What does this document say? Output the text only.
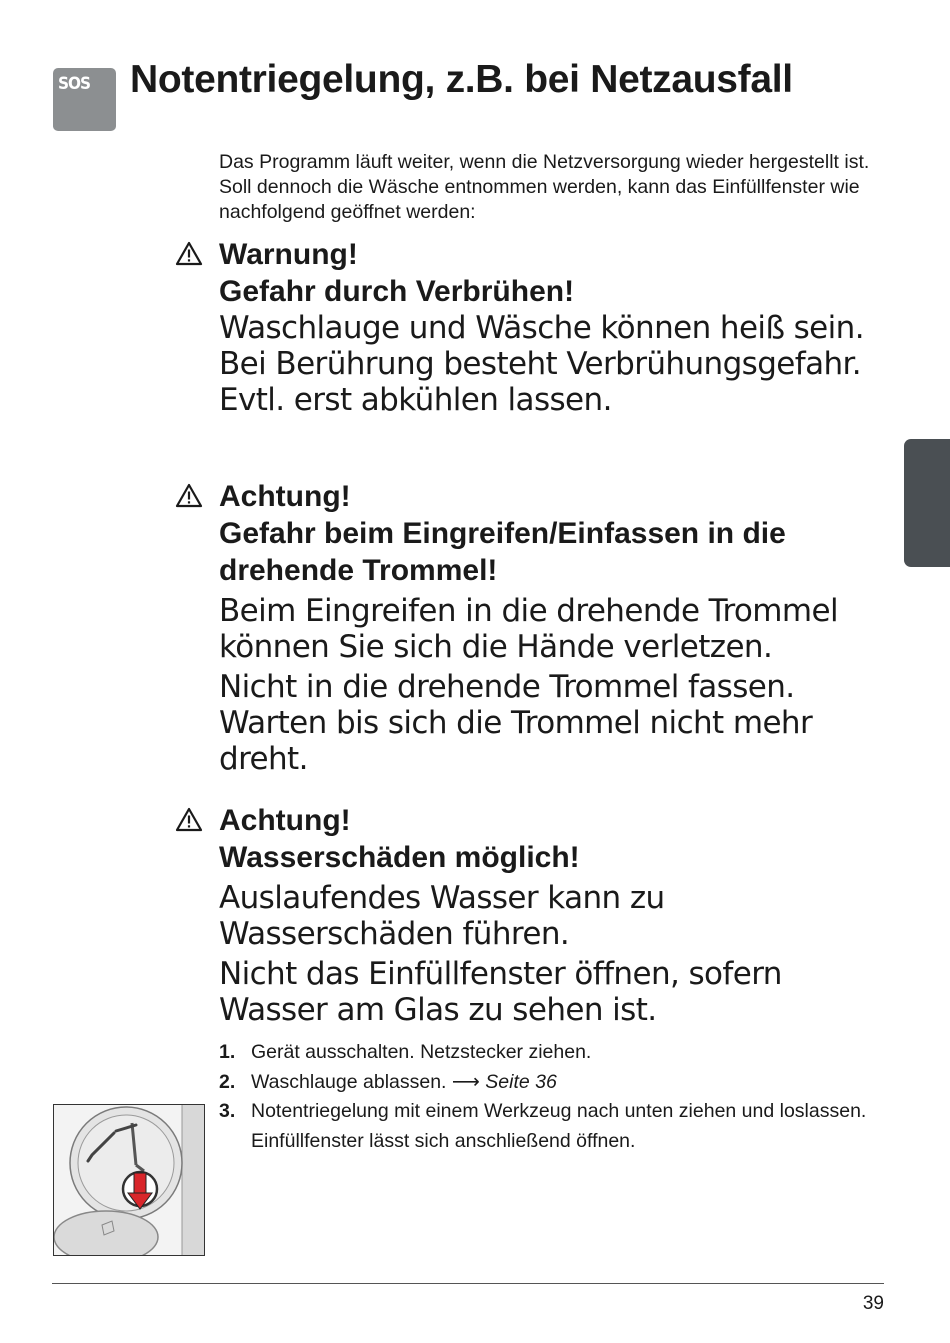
SOS Notentriegelung, z.B. bei Netzausfall

Das Programm läuft weiter, wenn die Netzversorgung wieder hergestellt ist. Soll dennoch die Wäsche entnommen werden, kann das Einfüllfenster wie nachfolgend geöffnet werden:

Warnung!

Gefahr durch Verbrühen!

Waschlauge und Wäsche können heiß sein. Bei Berührung besteht Verbrühungsgefahr.

Evtl. erst abkühlen lassen.

Achtung!

Gefahr beim Eingreifen/Einfassen in die drehende Trommel!

Beim Eingreifen in die drehende Trommel können Sie sich die Hände verletzen.

Nicht in die drehende Trommel fassen. Warten bis sich die Trommel nicht mehr dreht.

Achtung!

Wasserschäden möglich!

Auslaufendes Wasser kann zu Wasserschäden führen.

Nicht das Einfüllfenster öffnen, sofern Wasser am Glas zu sehen ist.

1. Gerät ausschalten. Netzstecker ziehen.
2. Waschlauge ablassen. ⟶ Seite 36
3. Notentriegelung mit einem Werkzeug nach unten ziehen und loslassen.
Einfüllfenster lässt sich anschließend öffnen.
39
